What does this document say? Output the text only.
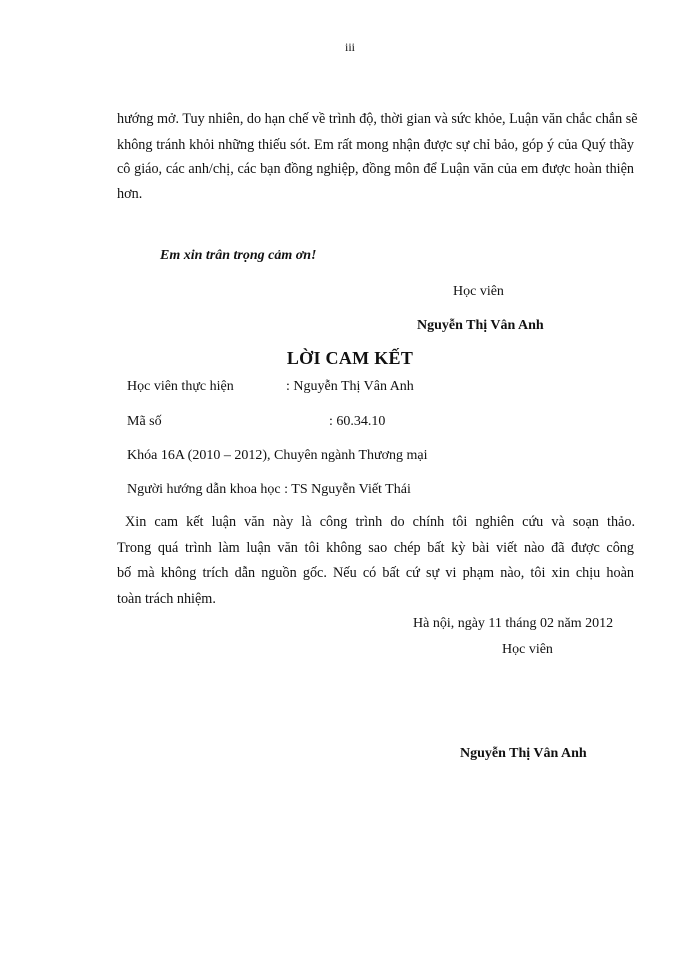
iii
hướng mở. Tuy nhiên, do hạn chế về trình độ, thời gian và sức khỏe, Luận văn chắc chắn sẽ
không tránh khỏi những thiếu sót. Em rất mong nhận được sự chỉ bảo, góp ý của Quý thầy
cô giáo, các anh/chị, các bạn đồng nghiệp, đồng môn để Luận văn của em được hoàn thiện
hơn.
Em xin trân trọng cảm ơn!
Học viên
Nguyễn Thị Vân Anh
LỜI CAM KẾT
Học viên thực hiện	: Nguyễn Thị Vân Anh
Mã số	: 60.34.10
Khóa 16A (2010 – 2012), Chuyên ngành Thương mại
Người hướng dẫn khoa học : TS Nguyễn Viết Thái
Xin cam kết luận văn này là công trình do chính tôi nghiên cứu và soạn thảo.
Trong quá trình làm luận văn tôi không sao chép bất kỳ bài viết nào đã được công
bố mà không trích dẫn nguồn gốc. Nếu có bất cứ sự vi phạm nào, tôi xin chịu hoàn
toàn trách nhiệm.
Hà nội, ngày 11 tháng 02 năm 2012
Học viên
Nguyễn Thị Vân Anh
